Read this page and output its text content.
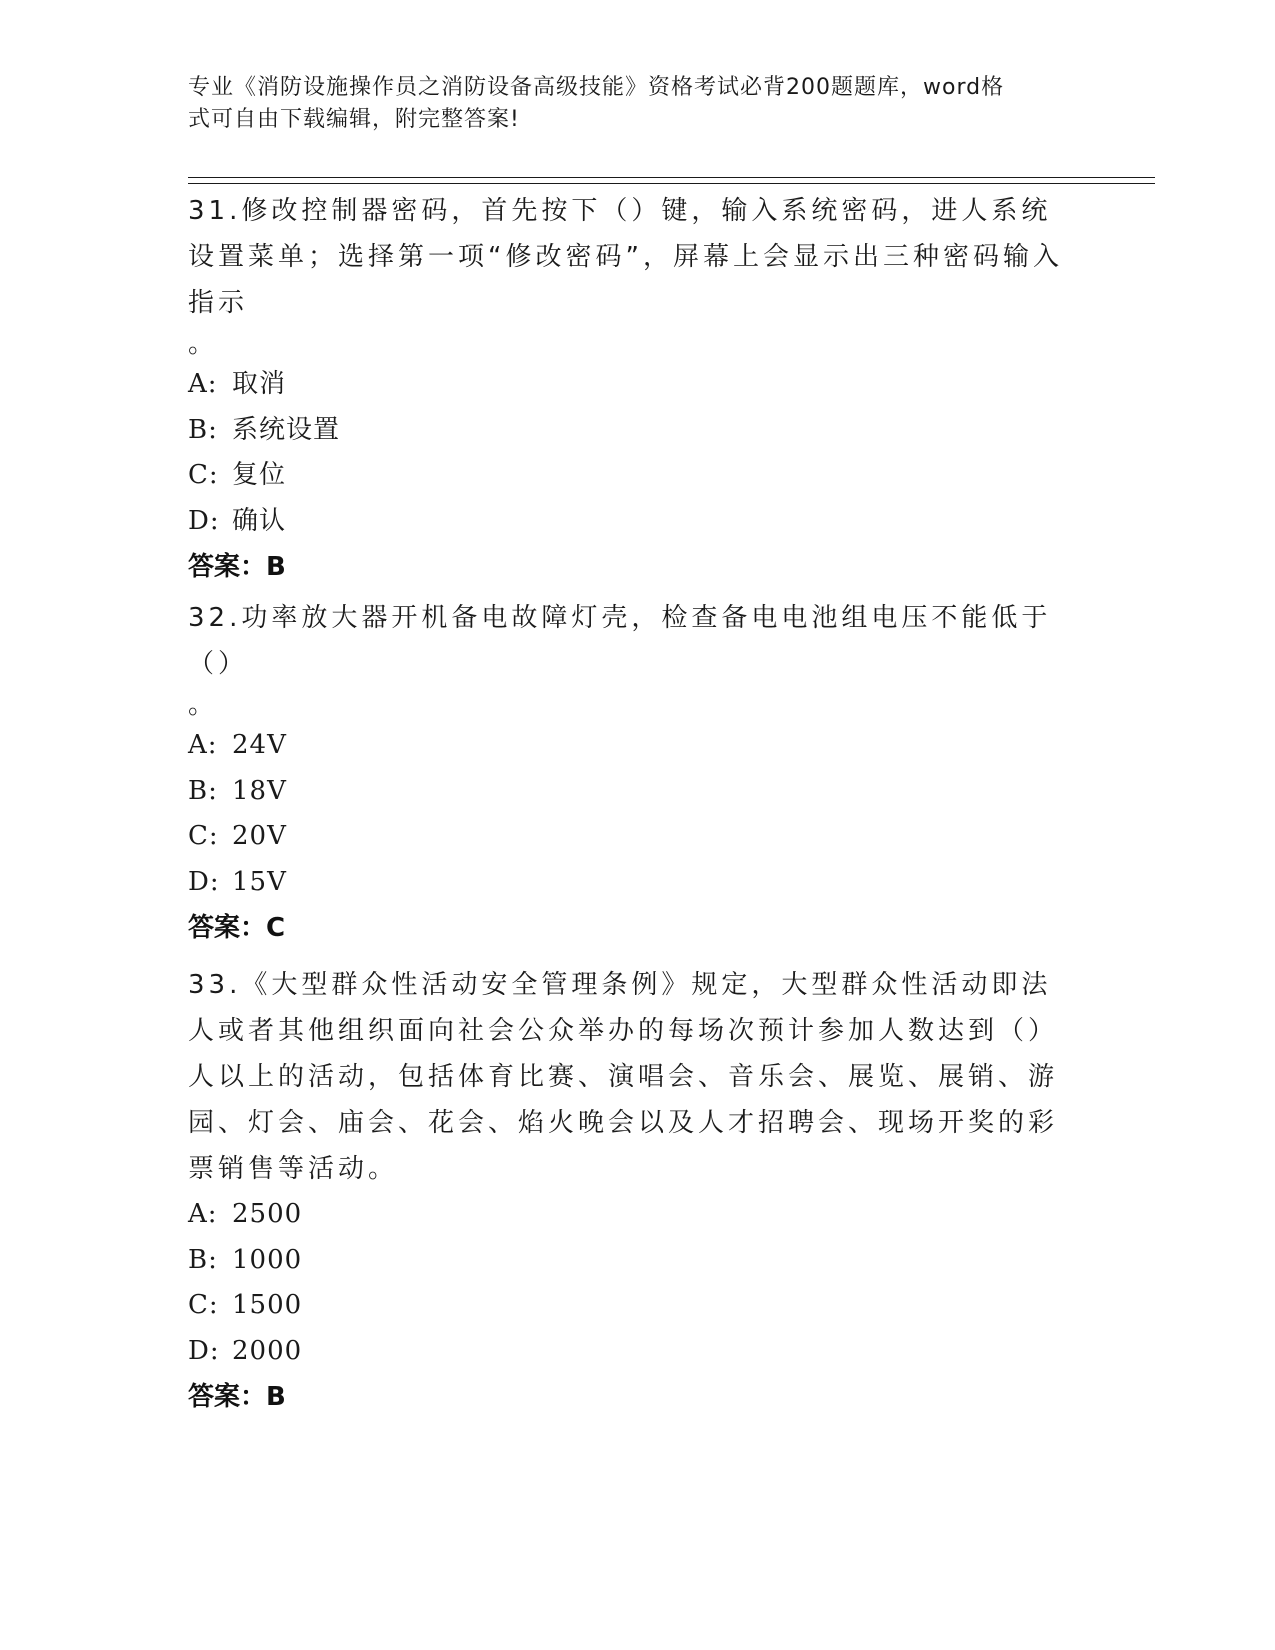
专业《消防设施操作员之消防设备高级技能》资格考试必背200题题库，word格
式可自由下载编辑，附完整答案!
31.修改控制器密码，首先按下（）键，输入系统密码，进人系统设置菜单；选择第一项“修改密码”，屏幕上会显示出三种密码输入指示
。
A: 取消
B: 系统设置
C: 复位
D: 确认
答案：B
32.功率放大器开机备电故障灯壳，检查备电电池组电压不能低于（）
。
A: 24V
B: 18V
C: 20V
D: 15V
答案：C
33.《大型群众性活动安全管理条例》规定，大型群众性活动即法人或者其他组织面向社会公众举办的每场次预计参加人数达到（）人以上的活动，包括体育比赛、演唱会、音乐会、展览、展销、游园、灯会、庙会、花会、焰火晚会以及人才招聘会、现场开奖的彩票销售等活动。
A: 2500
B: 1000
C: 1500
D: 2000
答案：B
